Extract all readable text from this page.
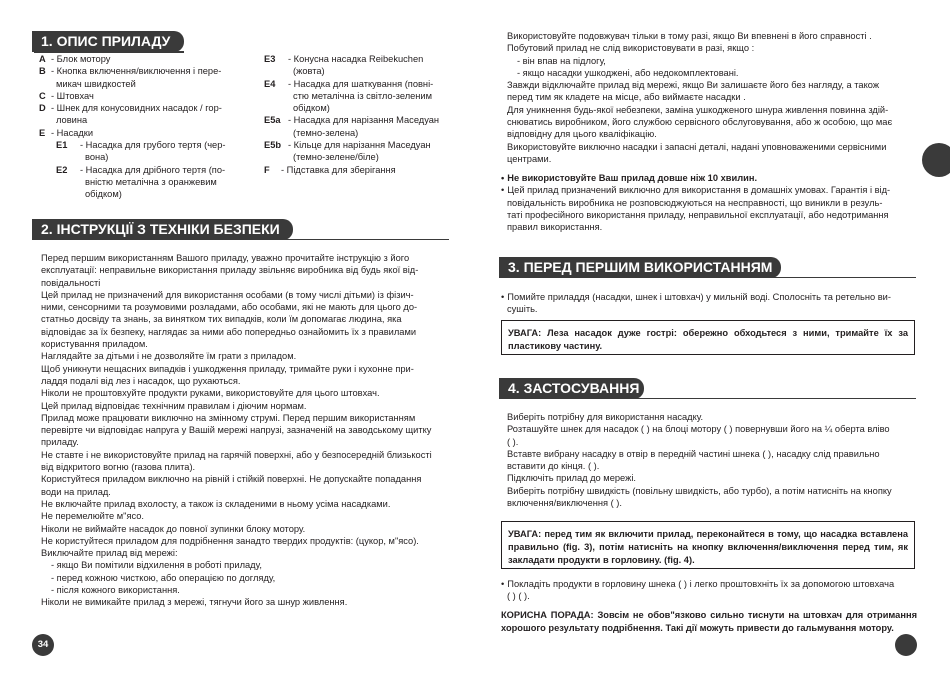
1. ОПИС ПРИЛАДУ
A - Блок мотору
B - Кнопка включення/виключення і пере-
микач швидкостей
C - Штовхач
D - Шнек для конусовидних насадок / гор-
ловина
E - Насадки
E1	- Насадка для грубого тертя (чер-
вона)
E2	- Насадка для дрібного тертя (по-
вністю металічна з оранжевим
обідком)
E3	- Конусна насадка Reibekuchen
(жовта)
E4	- Насадка для шаткування (повні-
стю металічна із світло-зеленим
обідком)
E5a - Насадка для нарізання Маседуан
(темно-зелена)
E5b - Кільце для нарізання Маседуан
(темно-зелене/біле)
F	- Підставка для зберігання
2. ІНСТРУКЦІЇ З ТЕХНІКИ БЕЗПЕКИ

Перед першим використанням Вашого приладу, уважно прочитайте інструкцію з його

експлуатації: неправильне використання приладу звільняє виробника від будь якої від-

повідальності

Цей прилад не призначений для використання особами (в тому числі дітьми) із фізич-

ними, сенсорними та розумовими розладами, або особами, які не мають для цього до-

статньо досвіду та знань, за винятком тих випадків, коли їм допомагає людина, яка

відповідає за їх безпеку, наглядає за ними або попередньо ознайомить їх з правилами

користування приладом.

Наглядайте за дітьми і не дозволяйте їм грати з приладом.

Щоб уникнути нещасних випадків і ушкодження приладу, тримайте руки і кухонне при-

ладдя подалі від лез і насадок, що рухаються.

Ніколи не проштовхуйте продукти руками, використовуйте для цього штовхач.

Цей прилад відповідає технічним правилам і діючим нормам.

Прилад може працювати виключно на змінному струмі. Перед першим використанням

перевірте чи відповідає напруга у Вашій мережі напрузі, зазначеній на заводському щитку

приладу.

Не ставте і не використовуйте прилад на гарячій поверхні, або у безпосередній близькості

від відкритого вогню (газова плита).

Користуйтеся приладом виключно на рівній і стійкій поверхні. Не допускайте попадання

води на прилад.

Не включайте прилад вхолосту, а також із складеними в ньому усіма насадками.

Не перемелюйте м"ясо.

Ніколи не виймайте насадок до повної зупинки блоку мотору.

Не користуйтеся приладом для подрібнення занадто твердих продуктів: (цукор, м"ясо).

Виключайте прилад від мережі:

- якщо Ви помітили відхилення в роботі приладу,

- перед кожною чисткою, або операцією по догляду,

- після кожного використання.

Ніколи не вимикайте прилад з мережі, тягнучи його за шнур живлення.

34

Використовуйте подовжувач тільки в тому разі, якщо Ви впевнені в його справності .

Побутовий прилад не слід використовувати в разі, якщо :

- він впав на підлогу,

- якщо насадки ушкоджені, або недокомплектовані.

Завжди відключайте прилад від мережі, якщо Ви залишаєте його без нагляду, а також

перед тим як кладете на місце, або виймаєте насадки .

Для уникнення будь-якої небезпеки, заміна ушкодженого шнура живлення повинна здій-

снюватись виробником, його службою сервісного обслуговування, або ж особою, що має

відповідну для цього кваліфікацію.

Використовуйте виключно насадки і запасні деталі, надані уповноваженими сервісними

центрами.

• Не використовуйте Ваш прилад довше ніж 10 хвилин.

• Цей прилад призначений виключно для використання в домашніх умовах. Гарантія і від-

повідальність виробника не розповсюджуються на несправності, що виникли в резуль-

таті професійного використання приладу, неправильної експлуатації, або недотримання

правил використання.

3. ПЕРЕД ПЕРШИМ ВИКОРИСТАННЯМ

• Помийте приладдя (насадки, шнек і штовхач) у мильній воді. Сполосніть та ретельно ви-

сушіть.

УВАГА: Леза насадок дуже гострі: обережно обходьтеся з ними, тримайте їх за пластикову частину.
4. ЗАСТОСУВАННЯ

Виберіть потрібну для використання насадку.

Розташуйте шнек для насадок ( ) на блоці мотору ( ) повернувши його на ¼ оберта вліво

( ).

Вставте вибрану насадку в отвір в передній частині шнека ( ), насадку слід правильно

вставити до кінця. ( ).

Підключіть прилад до мережі.

Виберіть потрібну швидкість (повільну швидкість, або турбо), а потім натисніть на кнопку

включення/виключення ( ).

УВАГА: перед тим як включити прилад, переконайтеся в тому, що насадка вставлена правильно (fig. 3), потім натисніть на кнопку включення/виключення перед тим, як закладати продукти в горловину. (fig. 4).

• Покладіть продукти в горловину шнека ( ) і легко проштовхніть їх за допомогою штовхача

( ) ( ).

КОРИСНА ПОРАДА: Зовсім не обов"язково сильно тиснути на штовхач для отримання хорошого результату подрібнення. Такі дії можуть привести до гальмування мотору.
